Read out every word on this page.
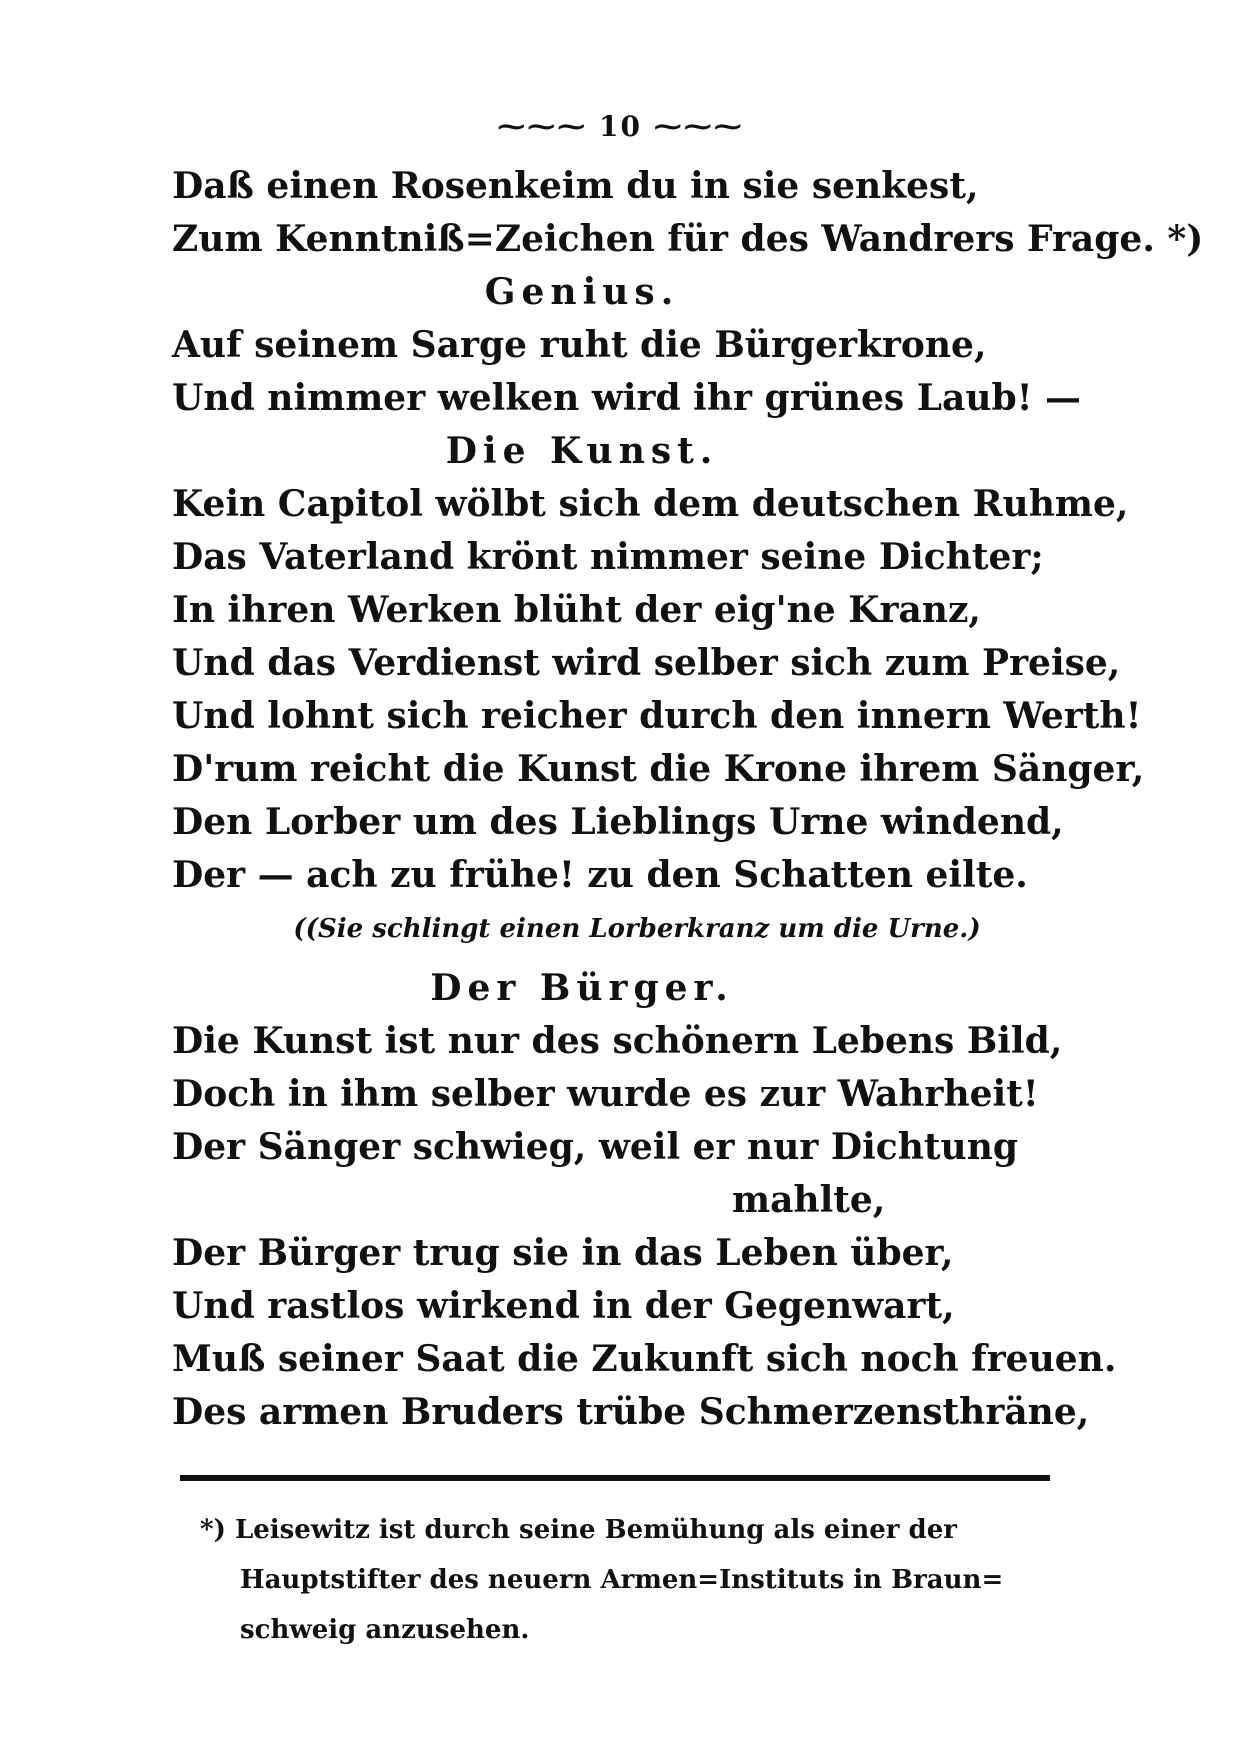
⁓⁓⁓ 10 ⁓⁓⁓
Daß einen Rosenkeim du in sie senkest,
Zum Kenntniß=Zeichen für des Wandrers Frage. *)
Genius.
Auf seinem Sarge ruht die Bürgerkrone,
Und nimmer welken wird ihr grünes Laub! —
Die Kunst.
Kein Capitol wölbt sich dem deutschen Ruhme,
Das Vaterland krönt nimmer seine Dichter;
In ihren Werken blüht der eig'ne Kranz,
Und das Verdienst wird selber sich zum Preise,
Und lohnt sich reicher durch den innern Werth!
D'rum reicht die Kunst die Krone ihrem Sänger,
Den Lorber um des Lieblings Urne windend,
Der — ach zu frühe! zu den Schatten eilte.
((Sie schlingt einen Lorberkranz um die Urne.)
Der Bürger.
Die Kunst ist nur des schönern Lebens Bild,
Doch in ihm selber wurde es zur Wahrheit!
Der Sänger schwieg, weil er nur Dichtung
mahlte,
Der Bürger trug sie in das Leben über,
Und rastlos wirkend in der Gegenwart,
Muß seiner Saat die Zukunft sich noch freuen.
Des armen Bruders trübe Schmerzensthräne,
*) Leisewitz ist durch seine Bemühung als einer der
Hauptstifter des neuern Armen=Instituts in Braun=
schweig anzusehen.
